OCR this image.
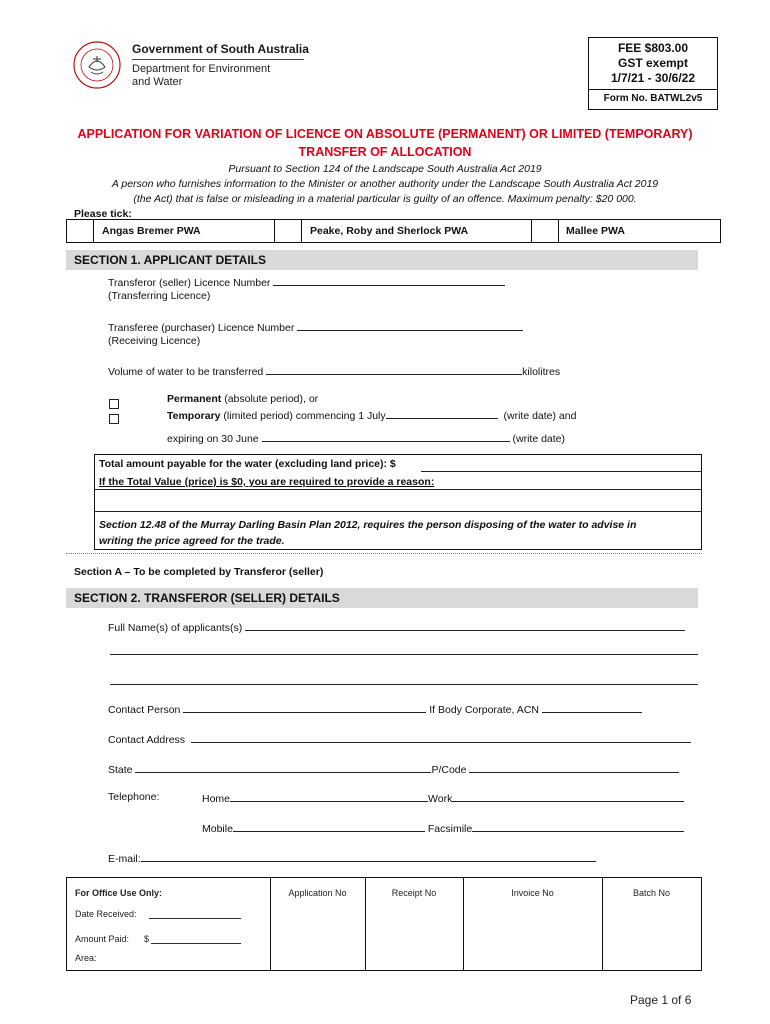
Government of South Australia
Department for Environment
and Water
FEE $803.00
GST exempt
1/7/21 - 30/6/22
Form No. BATWL2v5
APPLICATION FOR VARIATION OF LICENCE ON ABSOLUTE (PERMANENT) OR LIMITED (TEMPORARY)
TRANSFER OF ALLOCATION
Pursuant to Section 124 of the Landscape South Australia Act 2019
A person who furnishes information to the Minister or another authority under the Landscape South Australia Act 2019
(the Act) that is false or misleading in a material particular is guilty of an offence. Maximum penalty: $20 000.
Please tick:
Angas Bremer PWA	Peake, Roby and Sherlock PWA	Mallee PWA
SECTION 1. APPLICANT DETAILS
Transferor (seller) Licence Number
(Transferring Licence)
Transferee (purchaser) Licence Number
(Receiving Licence)
Volume of water to be transferred	kilolitres
Permanent (absolute period), or
Temporary (limited period) commencing 1 July	(write date) and
expiring on 30 June	(write date)
Total amount payable for the water (excluding land price): $
If the Total Value (price) is $0, you are required to provide a reason:
Section 12.48 of the Murray Darling Basin Plan 2012, requires the person disposing of the water to advise in
writing the price agreed for the trade.
Section A – To be completed by Transferor (seller)
SECTION 2. TRANSFEROR (SELLER) DETAILS
Full Name(s) of applicants(s)
Contact Person	If Body Corporate, ACN
Contact Address
State	P/Code
Telephone:	Home	Work
Mobile	Facsimile
E-mail:
For Office Use Only:
Date Received:
Amount Paid: $
Area:
Application No	Receipt No	Invoice No	Batch No
Page 1 of 6
